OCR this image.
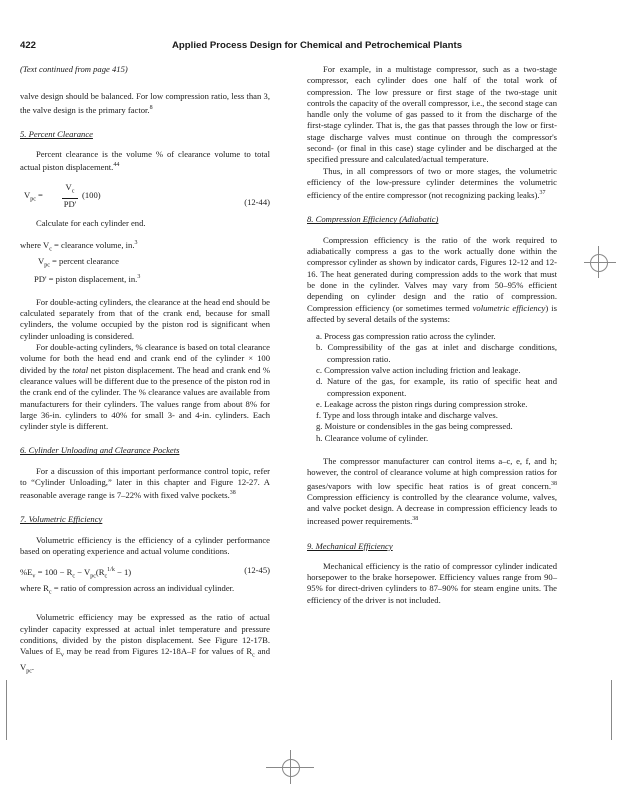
422	Applied Process Design for Chemical and Petrochemical Plants

(Text continued from page 415)

valve design should be balanced. For low compression ratio, less than 3, the valve design is the primary factor.$^8$

5. Percent Clearance

Percent clearance is the volume % of clearance volume to total actual piston displacement.$^{44}$

$V_{pc} = \frac{V_c}{PD'} (100)$
(12-44)

Calculate for each cylinder end.

where $V_c$ = clearance volume, in.$^3$

$V_{pc}$ = percent clearance

PD' = piston displacement, in.$^3$

For double-acting cylinders, the clearance at the head end should be calculated separately from that of the crank end, because for small cylinders, the volume occupied by the piston rod is significant when cylinder unloading is considered.

For double-acting cylinders, % clearance is based on total clearance volume for both the head end and crank end of the cylinder × 100 divided by the total net piston displacement. The head and crank end % clearance values will be different due to the presence of the piston rod in the crank end of the cylinder. The % clearance values are available from manufacturers for their cylinders. The values range from about 8% for large 36-in. cylinders to 40% for small 3- and 4-in. cylinders. Each cylinder style is different.

6. Cylinder Unloading and Clearance Pockets

For a discussion of this important performance control topic, refer to “Cylinder Unloading,” later in this chapter and Figure 12-27. A reasonable average range is 7–22% with fixed valve pockets.$^{38}$

7. Volumetric Efficiency

Volumetric efficiency is the efficiency of a cylinder performance based on operating experience and actual volume conditions.

$\%E_v = 100 - R_c - V_{pc}(R_c^{1/k} - 1)$	(12-45)

where $R_c$ = ratio of compression across an individual cylinder.

Volumetric efficiency may be expressed as the ratio of actual cylinder capacity expressed at actual inlet temperature and pressure conditions, divided by the piston displacement. See Figure 12-17B. Values of $E_v$ may be read from Figures 12-18A–F for values of $R_c$ and $V_{pc}$.

For example, in a multistage compressor, such as a two-stage compressor, each cylinder does one half of the total work of compression. The low pressure or first stage of the two-stage unit controls the capacity of the overall compressor, i.e., the second stage can handle only the volume of gas passed to it from the discharge of the first-stage cylinder. That is, the gas that passes through the low or first-stage discharge valves must continue on through the compressor's second- (or final in this case) stage cylinder and be discharged at the specified pressure and calculated/actual temperature.

Thus, in all compressors of two or more stages, the volumetric efficiency of the low-pressure cylinder determines the volumetric efficiency of the entire compressor (not recognizing packing leaks).$^{37}$

8. Compression Efficiency (Adiabatic)

Compression efficiency is the ratio of the work required to adiabatically compress a gas to the work actually done within the compressor cylinder as shown by indicator cards, Figures 12-12 and 12-16. The heat generated during compression adds to the work that must be done in the cylinder. Valves may vary from 50–95% efficient depending on cylinder design and the ratio of compression. Compression efficiency (or sometimes termed volumetric efficiency) is affected by several details of the systems:

a. Process gas compression ratio across the cylinder.

b. Compressibility of the gas at inlet and discharge conditions, compression ratio.

c. Compression valve action including friction and leakage.

d. Nature of the gas, for example, its ratio of specific heat and compression exponent.

e. Leakage across the piston rings during compression stroke.

f. Type and loss through intake and discharge valves.

g. Moisture or condensibles in the gas being compressed.

h. Clearance volume of cylinder.

The compressor manufacturer can control items a–c, e, f, and h; however, the control of clearance volume at high compression ratios for gases/vapors with low specific heat ratios is of great concern.$^{38}$ Compression efficiency is controlled by the clearance volume, valves, and valve pocket design. A decrease in compression efficiency leads to increased power requirements.$^{38}$

9. Mechanical Efficiency

Mechanical efficiency is the ratio of compressor cylinder indicated horsepower to the brake horsepower. Efficiency values range from 90–95% for direct-driven cylinders to 87–90% for steam engine units. The efficiency of the driver is not included.
